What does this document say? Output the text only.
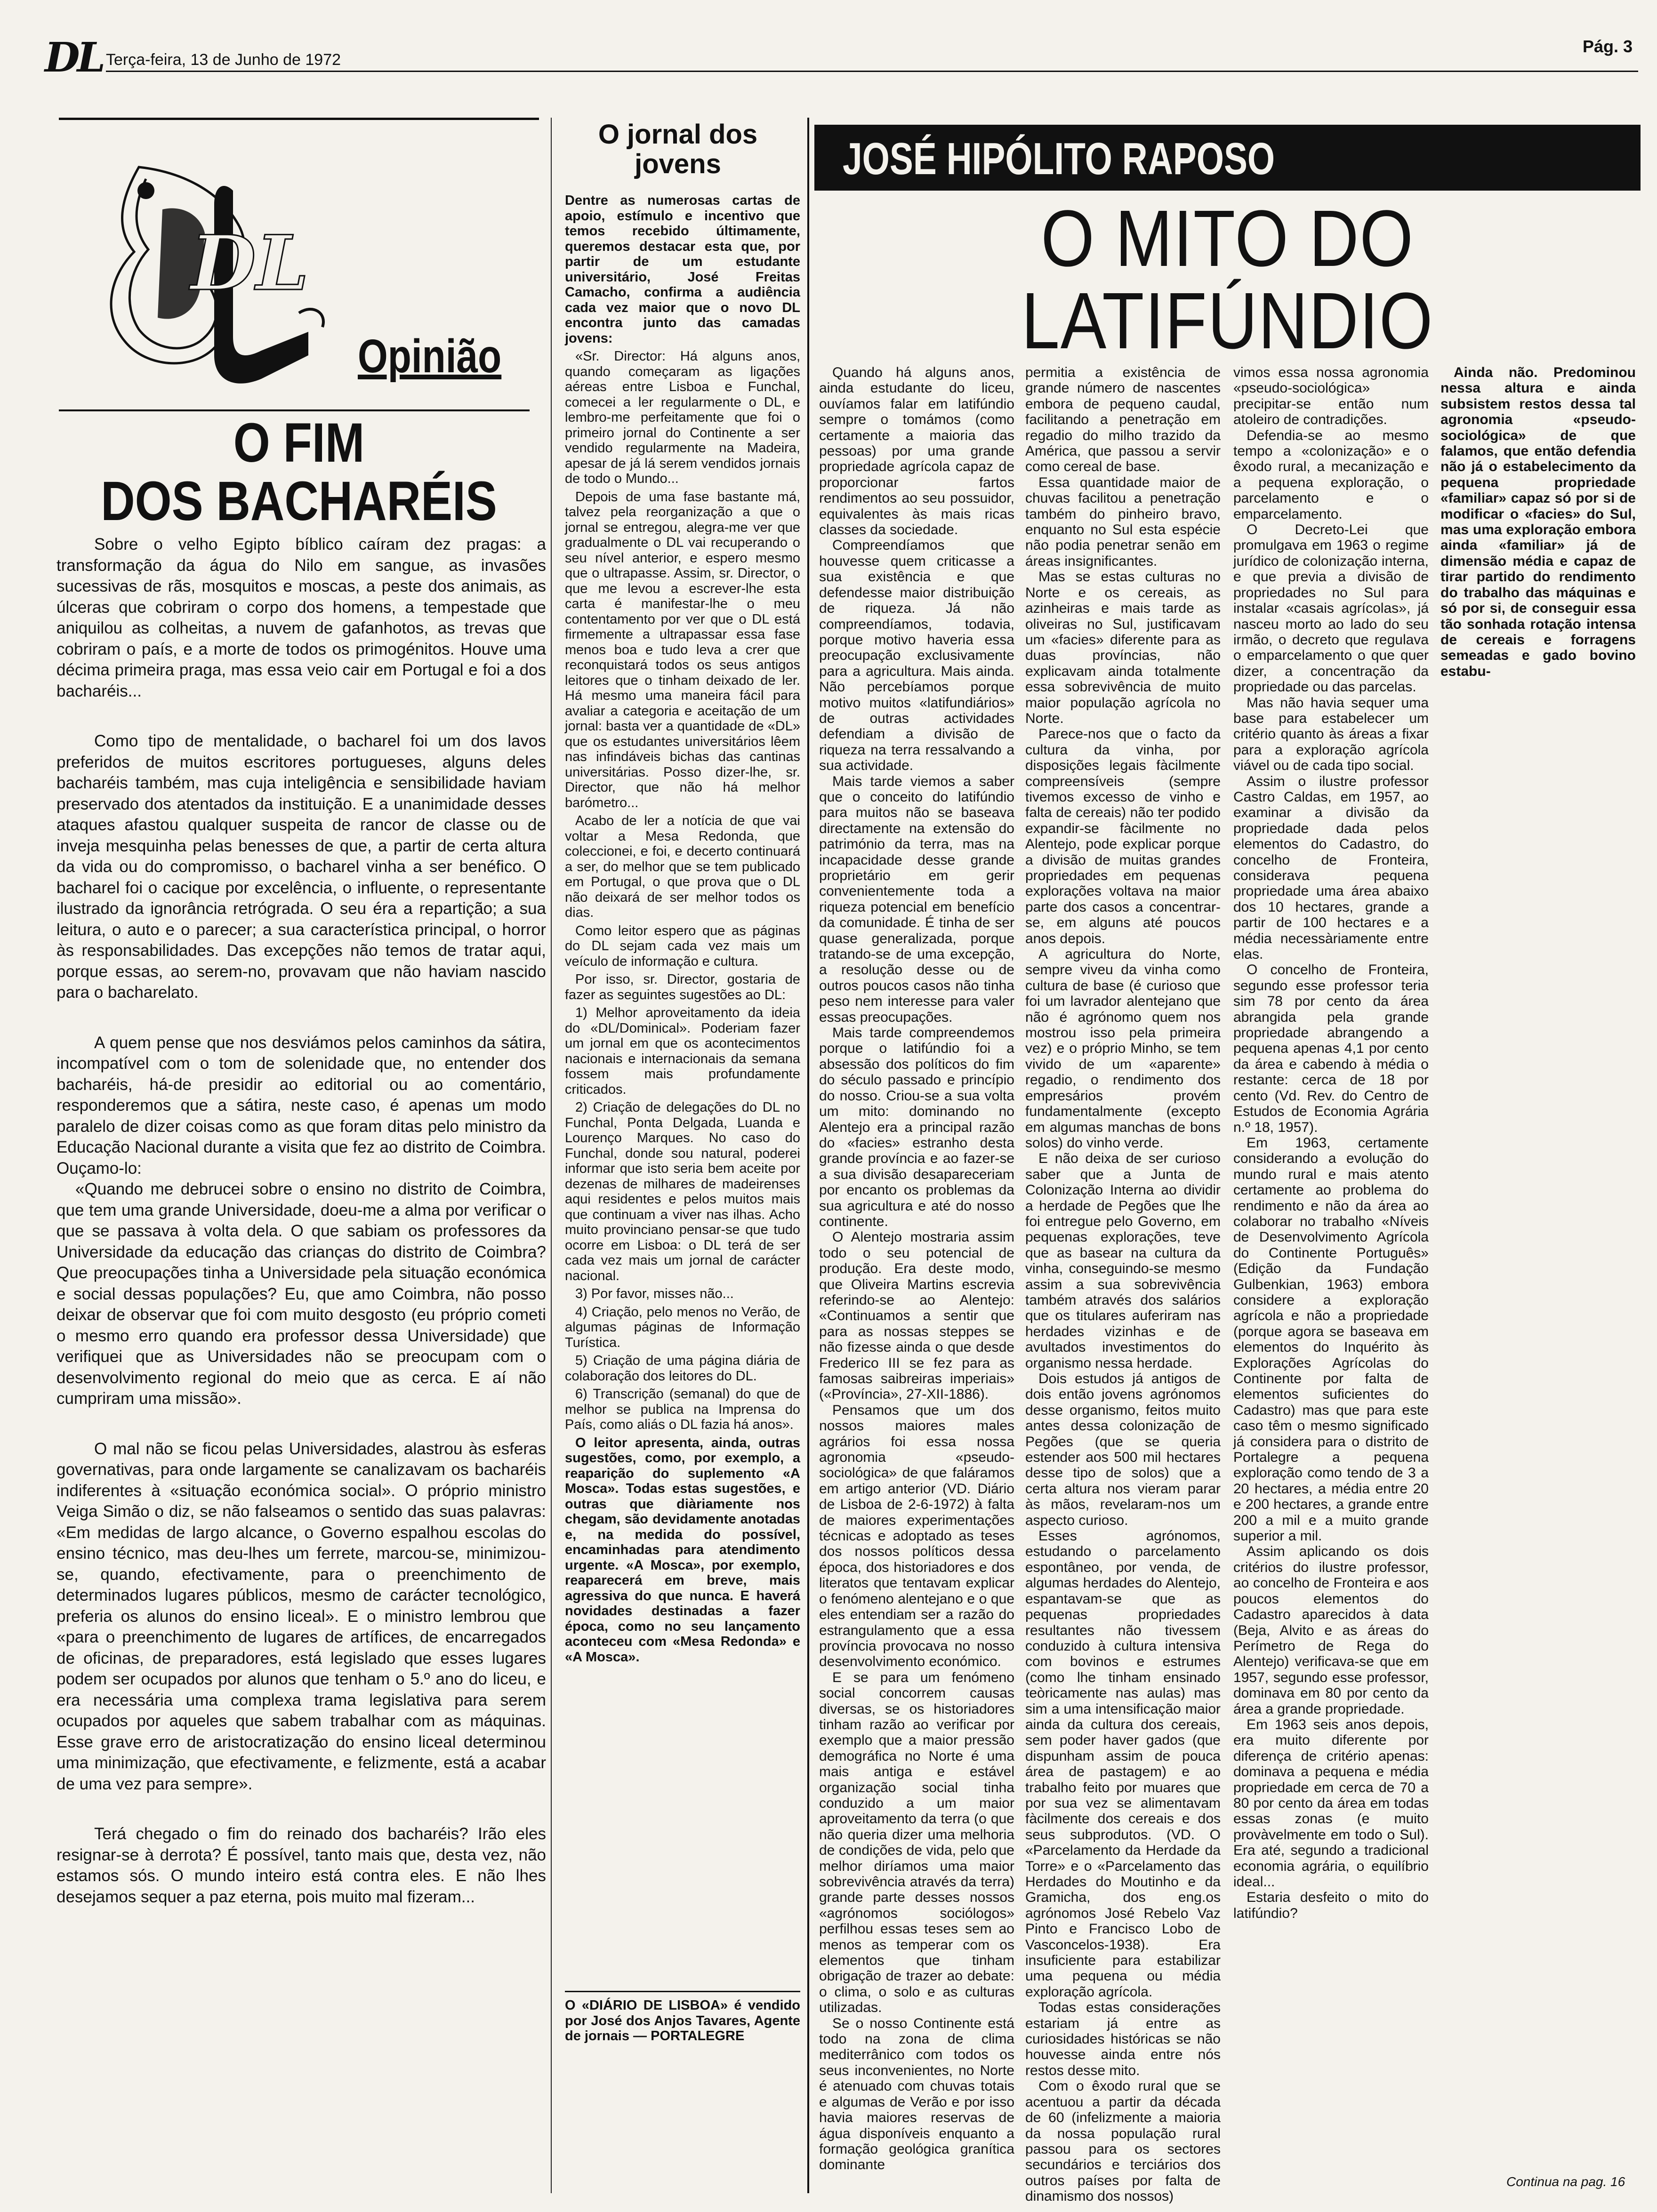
DL Terça-feira, 13 de Junho de 1972
Pág. 3
DL
Opinião
O FIM
DOS BACHARÉIS

Sobre o velho Egipto bíblico caíram dez pragas: a transformação da água do Nilo em sangue, as invasões sucessivas de rãs, mosquitos e moscas, a peste dos animais, as úlceras que cobriram o corpo dos homens, a tempestade que aniquilou as colheitas, a nuvem de gafanhotos, as trevas que cobriram o país, e a morte de todos os primogénitos. Houve uma décima primeira praga, mas essa veio cair em Portugal e foi a dos bacharéis...

Como tipo de mentalidade, o bacharel foi um dos lavos preferidos de muitos escritores portugueses, alguns deles bacharéis também, mas cuja inteligência e sensibilidade haviam preservado dos atentados da instituição. E a unanimidade desses ataques afastou qualquer suspeita de rancor de classe ou de inveja mesquinha pelas benesses de que, a partir de certa altura da vida ou do compromisso, o bacharel vinha a ser benéfico. O bacharel foi o cacique por excelência, o influente, o representante ilustrado da ignorância retrógrada. O seu éra a repartição; a sua leitura, o auto e o parecer; a sua característica principal, o horror às responsabilidades. Das excepções não temos de tratar aqui, porque essas, ao serem-no, provavam que não haviam nascido para o bacharelato.

A quem pense que nos desviámos pelos caminhos da sátira, incompatível com o tom de solenidade que, no entender dos bacharéis, há-de presidir ao editorial ou ao comentário, responderemos que a sátira, neste caso, é apenas um modo paralelo de dizer coisas como as que foram ditas pelo ministro da Educação Nacional durante a visita que fez ao distrito de Coimbra. Ouçamo-lo:

«Quando me debrucei sobre o ensino no distrito de Coimbra, que tem uma grande Universidade, doeu-me a alma por verificar o que se passava à volta dela. O que sabiam os professores da Universidade da educação das crianças do distrito de Coimbra? Que preocupações tinha a Universidade pela situação económica e social dessas populações? Eu, que amo Coimbra, não posso deixar de observar que foi com muito desgosto (eu próprio cometi o mesmo erro quando era professor dessa Universidade) que verifiquei que as Universidades não se preocupam com o desenvolvimento regional do meio que as cerca. E aí não cumpriram uma missão».

O mal não se ficou pelas Universidades, alastrou às esferas governativas, para onde largamente se canalizavam os bacharéis indiferentes à «situação económica social». O próprio ministro Veiga Simão o diz, se não falseamos o sentido das suas palavras: «Em medidas de largo alcance, o Governo espalhou escolas do ensino técnico, mas deu-lhes um ferrete, marcou-se, minimizou-se, quando, efectivamente, para o preenchimento de determinados lugares públicos, mesmo de carácter tecnológico, preferia os alunos do ensino liceal». E o ministro lembrou que «para o preenchimento de lugares de artífices, de encarregados de oficinas, de preparadores, está legislado que esses lugares podem ser ocupados por alunos que tenham o 5.º ano do liceu, e era necessária uma complexa trama legislativa para serem ocupados por aqueles que sabem trabalhar com as máquinas. Esse grave erro de aristocratização do ensino liceal determinou uma minimização, que efectivamente, e felizmente, está a acabar de uma vez para sempre».

Terá chegado o fim do reinado dos bacharéis? Irão eles resignar-se à derrota? É possível, tanto mais que, desta vez, não estamos sós. O mundo inteiro está contra eles. E não lhes desejamos sequer a paz eterna, pois muito mal fizeram...

O jornal dos
jovens

Dentre as numerosas cartas de apoio, estímulo e incentivo que temos recebido últimamente, queremos destacar esta que, por partir de um estudante universitário, José Freitas Camacho, confirma a audiência cada vez maior que o novo DL encontra junto das camadas jovens:

«Sr. Director: Há alguns anos, quando começaram as ligações aéreas entre Lisboa e Funchal, comecei a ler regularmente o DL, e lembro-me perfeitamente que foi o primeiro jornal do Continente a ser vendido regularmente na Madeira, apesar de já lá serem vendidos jornais de todo o Mundo...

Depois de uma fase bastante má, talvez pela reorganização a que o jornal se entregou, alegra-me ver que gradualmente o DL vai recuperando o seu nível anterior, e espero mesmo que o ultrapasse. Assim, sr. Director, o que me levou a escrever-lhe esta carta é manifestar-lhe o meu contentamento por ver que o DL está firmemente a ultrapassar essa fase menos boa e tudo leva a crer que reconquistará todos os seus antigos leitores que o tinham deixado de ler. Há mesmo uma maneira fácil para avaliar a categoria e aceitação de um jornal: basta ver a quantidade de «DL» que os estudantes universitários lêem nas infindáveis bichas das cantinas universitárias. Posso dizer-lhe, sr. Director, que não há melhor barómetro...

Acabo de ler a notícia de que vai voltar a Mesa Redonda, que coleccionei, e foi, e decerto continuará a ser, do melhor que se tem publicado em Portugal, o que prova que o DL não deixará de ser melhor todos os dias.

Como leitor espero que as páginas do DL sejam cada vez mais um veículo de informação e cultura.

Por isso, sr. Director, gostaria de fazer as seguintes sugestões ao DL:

1) Melhor aproveitamento da ideia do «DL/Dominical». Poderiam fazer um jornal em que os acontecimentos nacionais e internacionais da semana fossem mais profundamente criticados.
2) Criação de delegações do DL no Funchal, Ponta Delgada, Luanda e Lourenço Marques. No caso do Funchal, donde sou natural, poderei informar que isto seria bem aceite por dezenas de milhares de madeirenses aqui residentes e pelos muitos mais que continuam a viver nas ilhas. Acho muito provinciano pensar-se que tudo ocorre em Lisboa: o DL terá de ser cada vez mais um jornal de carácter nacional.
3) Por favor, misses não...
4) Criação, pelo menos no Verão, de algumas páginas de Informação Turística.
5) Criação de uma página diária de colaboração dos leitores do DL.
6) Transcrição (semanal) do que de melhor se publica na Imprensa do País, como aliás o DL fazia há anos».

O leitor apresenta, ainda, outras sugestões, como, por exemplo, a reaparição do suplemento «A Mosca». Todas estas sugestões, e outras que diàriamente nos chegam, são devidamente anotadas e, na medida do possível, encaminhadas para atendimento urgente. «A Mosca», por exemplo, reaparecerá em breve, mais agressiva do que nunca. E haverá novidades destinadas a fazer época, como no seu lançamento aconteceu com «Mesa Redonda» e «A Mosca».

O «DIÁRIO DE LISBOA» é vendido por José dos Anjos Tavares, Agente de jornais — PORTALEGRE
JOSÉ HIPÓLITO RAPOSO
O MITO DO
LATIFÚNDIO

Quando há alguns anos, ainda estudante do liceu, ouvíamos falar em latifúndio sempre o tomámos (como certamente a maioria das pessoas) por uma grande propriedade agrícola capaz de proporcionar fartos rendimentos ao seu possuidor, equivalentes às mais ricas classes da sociedade.

Compreendíamos que houvesse quem criticasse a sua existência e que defendesse maior distribuição de riqueza. Já não compreendíamos, todavia, porque motivo haveria essa preocupação exclusivamente para a agricultura. Mais ainda. Não percebíamos porque motivo muitos «latifundiários» de outras actividades defendiam a divisão de riqueza na terra ressalvando a sua actividade.

Mais tarde viemos a saber que o conceito do latifúndio para muitos não se baseava directamente na extensão do património da terra, mas na incapacidade desse grande proprietário em gerir convenientemente toda a riqueza potencial em benefício da comunidade. É tinha de ser quase generalizada, porque tratando-se de uma excepção, a resolução desse ou de outros poucos casos não tinha peso nem interesse para valer essas preocupações.

Mais tarde compreendemos porque o latifúndio foi a absessão dos políticos do fim do século passado e princípio do nosso. Criou-se a sua volta um mito: dominando no Alentejo era a principal razão do «facies» estranho desta grande província e ao fazer-se a sua divisão desapareceriam por encanto os problemas da sua agricultura e até do nosso continente.

O Alentejo mostraria assim todo o seu potencial de produção. Era deste modo, que Oliveira Martins escrevia referindo-se ao Alentejo: «Continuamos a sentir que para as nossas steppes se não fizesse ainda o que desde Frederico III se fez para as famosas saibreiras imperiais» («Província», 27-XII-1886).

Pensamos que um dos nossos maiores males agrários foi essa nossa agronomia «pseudo-sociológica» de que faláramos em artigo anterior (VD. Diário de Lisboa de 2-6-1972) à falta de maiores experimentações técnicas e adoptado as teses dos nossos políticos dessa época, dos historiadores e dos literatos que tentavam explicar o fenómeno alentejano e o que eles entendiam ser a razão do estrangulamento que a essa província provocava no nosso desenvolvimento económico.

E se para um fenómeno social concorrem causas diversas, se os historiadores tinham razão ao verificar por exemplo que a maior pressão demográfica no Norte é uma mais antiga e estável organização social tinha conduzido a um maior aproveitamento da terra (o que não queria dizer uma melhoria de condições de vida, pelo que melhor diríamos uma maior sobrevivência através da terra) grande parte desses nossos «agrónomos sociólogos» perfilhou essas teses sem ao menos as temperar com os elementos que tinham obrigação de trazer ao debate: o clima, o solo e as culturas utilizadas.

Se o nosso Continente está todo na zona de clima mediterrânico com todos os seus inconvenientes, no Norte é atenuado com chuvas totais e algumas de Verão e por isso havia maiores reservas de água disponíveis enquanto a formação geológica granítica dominante

permitia a existência de grande número de nascentes embora de pequeno caudal, facilitando a penetração em regadio do milho trazido da América, que passou a servir como cereal de base.

Essa quantidade maior de chuvas facilitou a penetração também do pinheiro bravo, enquanto no Sul esta espécie não podia penetrar senão em áreas insignificantes.

Mas se estas culturas no Norte e os cereais, as azinheiras e mais tarde as oliveiras no Sul, justificavam um «facies» diferente para as duas províncias, não explicavam ainda totalmente essa sobrevivência de muito maior população agrícola no Norte.

Parece-nos que o facto da cultura da vinha, por disposições legais fàcilmente compreensíveis (sempre tivemos excesso de vinho e falta de cereais) não ter podido expandir-se fàcilmente no Alentejo, pode explicar porque a divisão de muitas grandes propriedades em pequenas explorações voltava na maior parte dos casos a concentrar-se, em alguns até poucos anos depois.

A agricultura do Norte, sempre viveu da vinha como cultura de base (é curioso que foi um lavrador alentejano que não é agrónomo quem nos mostrou isso pela primeira vez) e o próprio Minho, se tem vivido de um «aparente» regadio, o rendimento dos empresários provém fundamentalmente (excepto em algumas manchas de bons solos) do vinho verde.

E não deixa de ser curioso saber que a Junta de Colonização Interna ao dividir a herdade de Pegões que lhe foi entregue pelo Governo, em pequenas explorações, teve que as basear na cultura da vinha, conseguindo-se mesmo assim a sua sobrevivência também através dos salários que os titulares auferiram nas herdades vizinhas e de avultados investimentos do organismo nessa herdade.

Dois estudos já antigos de dois então jovens agrónomos desse organismo, feitos muito antes dessa colonização de Pegões (que se queria estender aos 500 mil hectares desse tipo de solos) que a certa altura nos vieram parar às mãos, revelaram-nos um aspecto curioso.

Esses agrónomos, estudando o parcelamento espontâneo, por venda, de algumas herdades do Alentejo, espantavam-se que as pequenas propriedades resultantes não tivessem conduzido à cultura intensiva com bovinos e estrumes (como lhe tinham ensinado teòricamente nas aulas) mas sim a uma intensificação maior ainda da cultura dos cereais, sem poder haver gados (que dispunham assim de pouca área de pastagem) e ao trabalho feito por muares que por sua vez se alimentavam fàcilmente dos cereais e dos seus subprodutos. (VD. O «Parcelamento da Herdade da Torre» e o «Parcelamento das Herdades do Moutinho e da Gramicha, dos eng.os agrónomos José Rebelo Vaz Pinto e Francisco Lobo de Vasconcelos-1938). Era insuficiente para estabilizar uma pequena ou média exploração agrícola.

Todas estas considerações estariam já entre as curiosidades históricas se não houvesse ainda entre nós restos desse mito.

Com o êxodo rural que se acentuou a partir da década de 60 (infelizmente a maioria da nossa população rural passou para os sectores secundários e terciários dos outros países por falta de dinamismo dos nossos)

vimos essa nossa agronomia «pseudo-sociológica» precipitar-se então num atoleiro de contradições.

Defendia-se ao mesmo tempo a «colonização» e o êxodo rural, a mecanização e a pequena exploração, o parcelamento e o emparcelamento.

O Decreto-Lei que promulgava em 1963 o regime jurídico de colonização interna, e que previa a divisão de propriedades no Sul para instalar «casais agrícolas», já nasceu morto ao lado do seu irmão, o decreto que regulava o emparcelamento o que quer dizer, a concentração da propriedade ou das parcelas.

Mas não havia sequer uma base para estabelecer um critério quanto às áreas a fixar para a exploração agrícola viável ou de cada tipo social.

Assim o ilustre professor Castro Caldas, em 1957, ao examinar a divisão da propriedade dada pelos elementos do Cadastro, do concelho de Fronteira, considerava pequena propriedade uma área abaixo dos 10 hectares, grande a partir de 100 hectares e a média necessàriamente entre elas.

O concelho de Fronteira, segundo esse professor teria sim 78 por cento da área abrangida pela grande propriedade abrangendo a pequena apenas 4,1 por cento da área e cabendo à média o restante: cerca de 18 por cento (Vd. Rev. do Centro de Estudos de Economia Agrária n.º 18, 1957).

Em 1963, certamente considerando a evolução do mundo rural e mais atento certamente ao problema do rendimento e não da área ao colaborar no trabalho «Níveis de Desenvolvimento Agrícola do Continente Português» (Edição da Fundação Gulbenkian, 1963) embora considere a exploração agrícola e não a propriedade (porque agora se baseava em elementos do Inquérito às Explorações Agrícolas do Continente por falta de elementos suficientes do Cadastro) mas que para este caso têm o mesmo significado já considera para o distrito de Portalegre a pequena exploração como tendo de 3 a 20 hectares, a média entre 20 e 200 hectares, a grande entre 200 a mil e a muito grande superior a mil.

Assim aplicando os dois critérios do ilustre professor, ao concelho de Fronteira e aos poucos elementos do Cadastro aparecidos à data (Beja, Alvito e as áreas do Perímetro de Rega do Alentejo) verificava-se que em 1957, segundo esse professor, dominava em 80 por cento da área a grande propriedade.

Em 1963 seis anos depois, era muito diferente por diferença de critério apenas: dominava a pequena e média propriedade em cerca de 70 a 80 por cento da área em todas essas zonas (e muito provàvelmente em todo o Sul). Era até, segundo a tradicional economia agrária, o equilíbrio ideal...

Estaria desfeito o mito do latifúndio?

Continua na pag. 16

Ainda não. Predominou nessa altura e ainda subsistem restos dessa tal agronomia «pseudo-sociológica» de que falamos, que então defendia não já o estabelecimento da pequena propriedade «familiar» capaz só por si de modificar o «facies» do Sul, mas uma exploração embora ainda «familiar» já de dimensão média e capaz de tirar partido do rendimento do trabalho das máquinas e só por si, de conseguir essa tão sonhada rotação intensa de cereais e forragens semeadas e gado bovino estabu-
